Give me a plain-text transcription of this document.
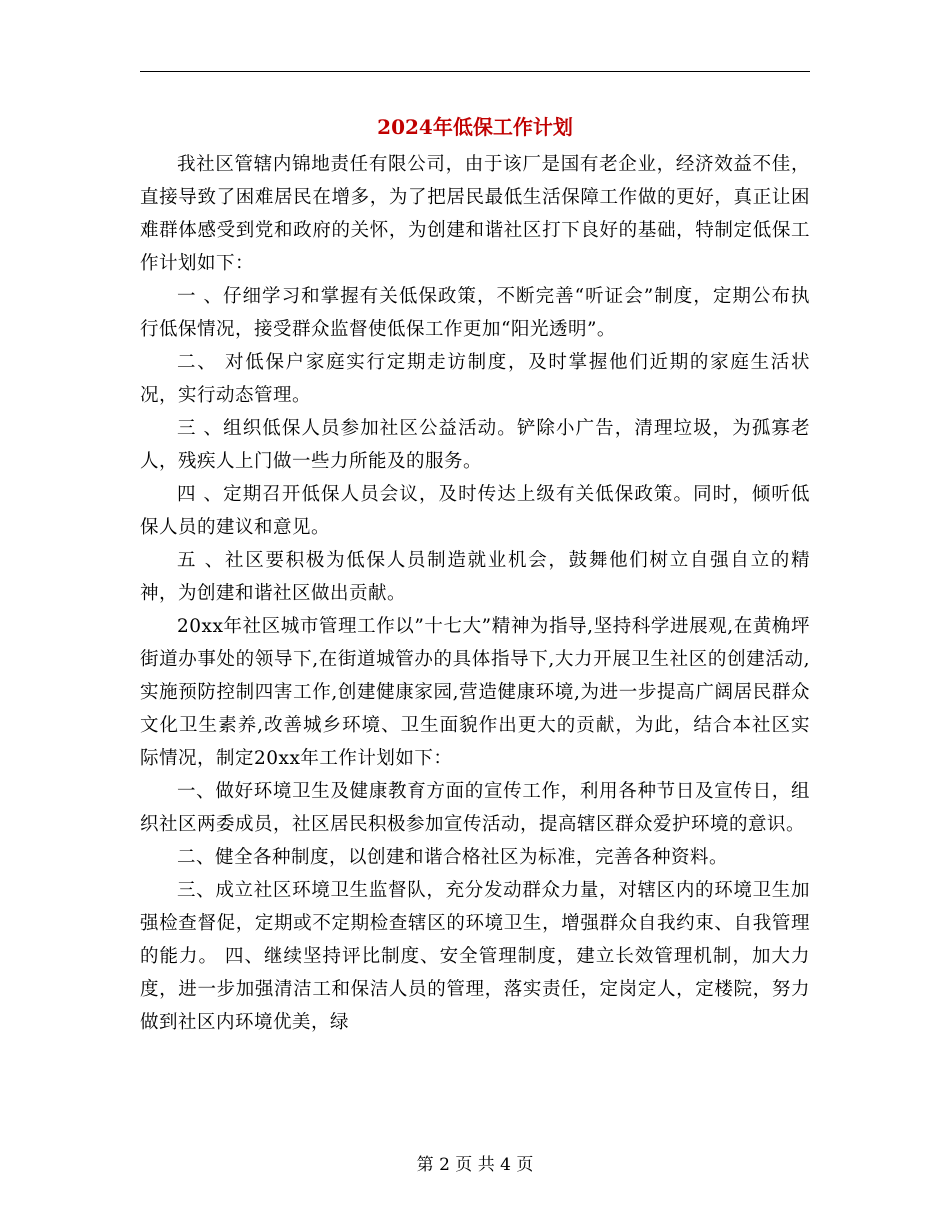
2024年低保工作计划

我社区管辖内锦地责任有限公司，由于该厂是国有老企业，经济效益不佳，直接导致了困难居民在增多，为了把居民最低生活保障工作做的更好，真正让困难群体感受到党和政府的关怀，为创建和谐社区打下良好的基础，特制定低保工作计划如下：

一 、仔细学习和掌握有关低保政策，不断完善“听证会”制度，定期公布执行低保情况，接受群众监督使低保工作更加“阳光透明”。

二、 对低保户家庭实行定期走访制度，及时掌握他们近期的家庭生活状况，实行动态管理。

三 、组织低保人员参加社区公益活动。铲除小广告，清理垃圾，为孤寡老人，残疾人上门做一些力所能及的服务。

四 、定期召开低保人员会议，及时传达上级有关低保政策。同时，倾听低保人员的建议和意见。

五 、社区要积极为低保人员制造就业机会，鼓舞他们树立自强自立的精神，为创建和谐社区做出贡献。

20xx年社区城市管理工作以”十七大”精神为指导,坚持科学进展观,在黄桷坪街道办事处的领导下,在街道城管办的具体指导下,大力开展卫生社区的创建活动,实施预防控制四害工作,创建健康家园,营造健康环境,为进一步提高广阔居民群众文化卫生素养,改善城乡环境、卫生面貌作出更大的贡献，为此，结合本社区实际情况，制定20xx年工作计划如下：

一、做好环境卫生及健康教育方面的宣传工作，利用各种节日及宣传日，组织社区两委成员，社区居民积极参加宣传活动，提高辖区群众爱护环境的意识。

二、健全各种制度，以创建和谐合格社区为标准，完善各种资料。

三、成立社区环境卫生监督队，充分发动群众力量，对辖区内的环境卫生加强检查督促，定期或不定期检查辖区的环境卫生，增强群众自我约束、自我管理的能力。 四、继续坚持评比制度、安全管理制度，建立长效管理机制，加大力度，进一步加强清洁工和保洁人员的管理，落实责任，定岗定人，定楼院，努力做到社区内环境优美，绿

第 2 页 共 4 页
